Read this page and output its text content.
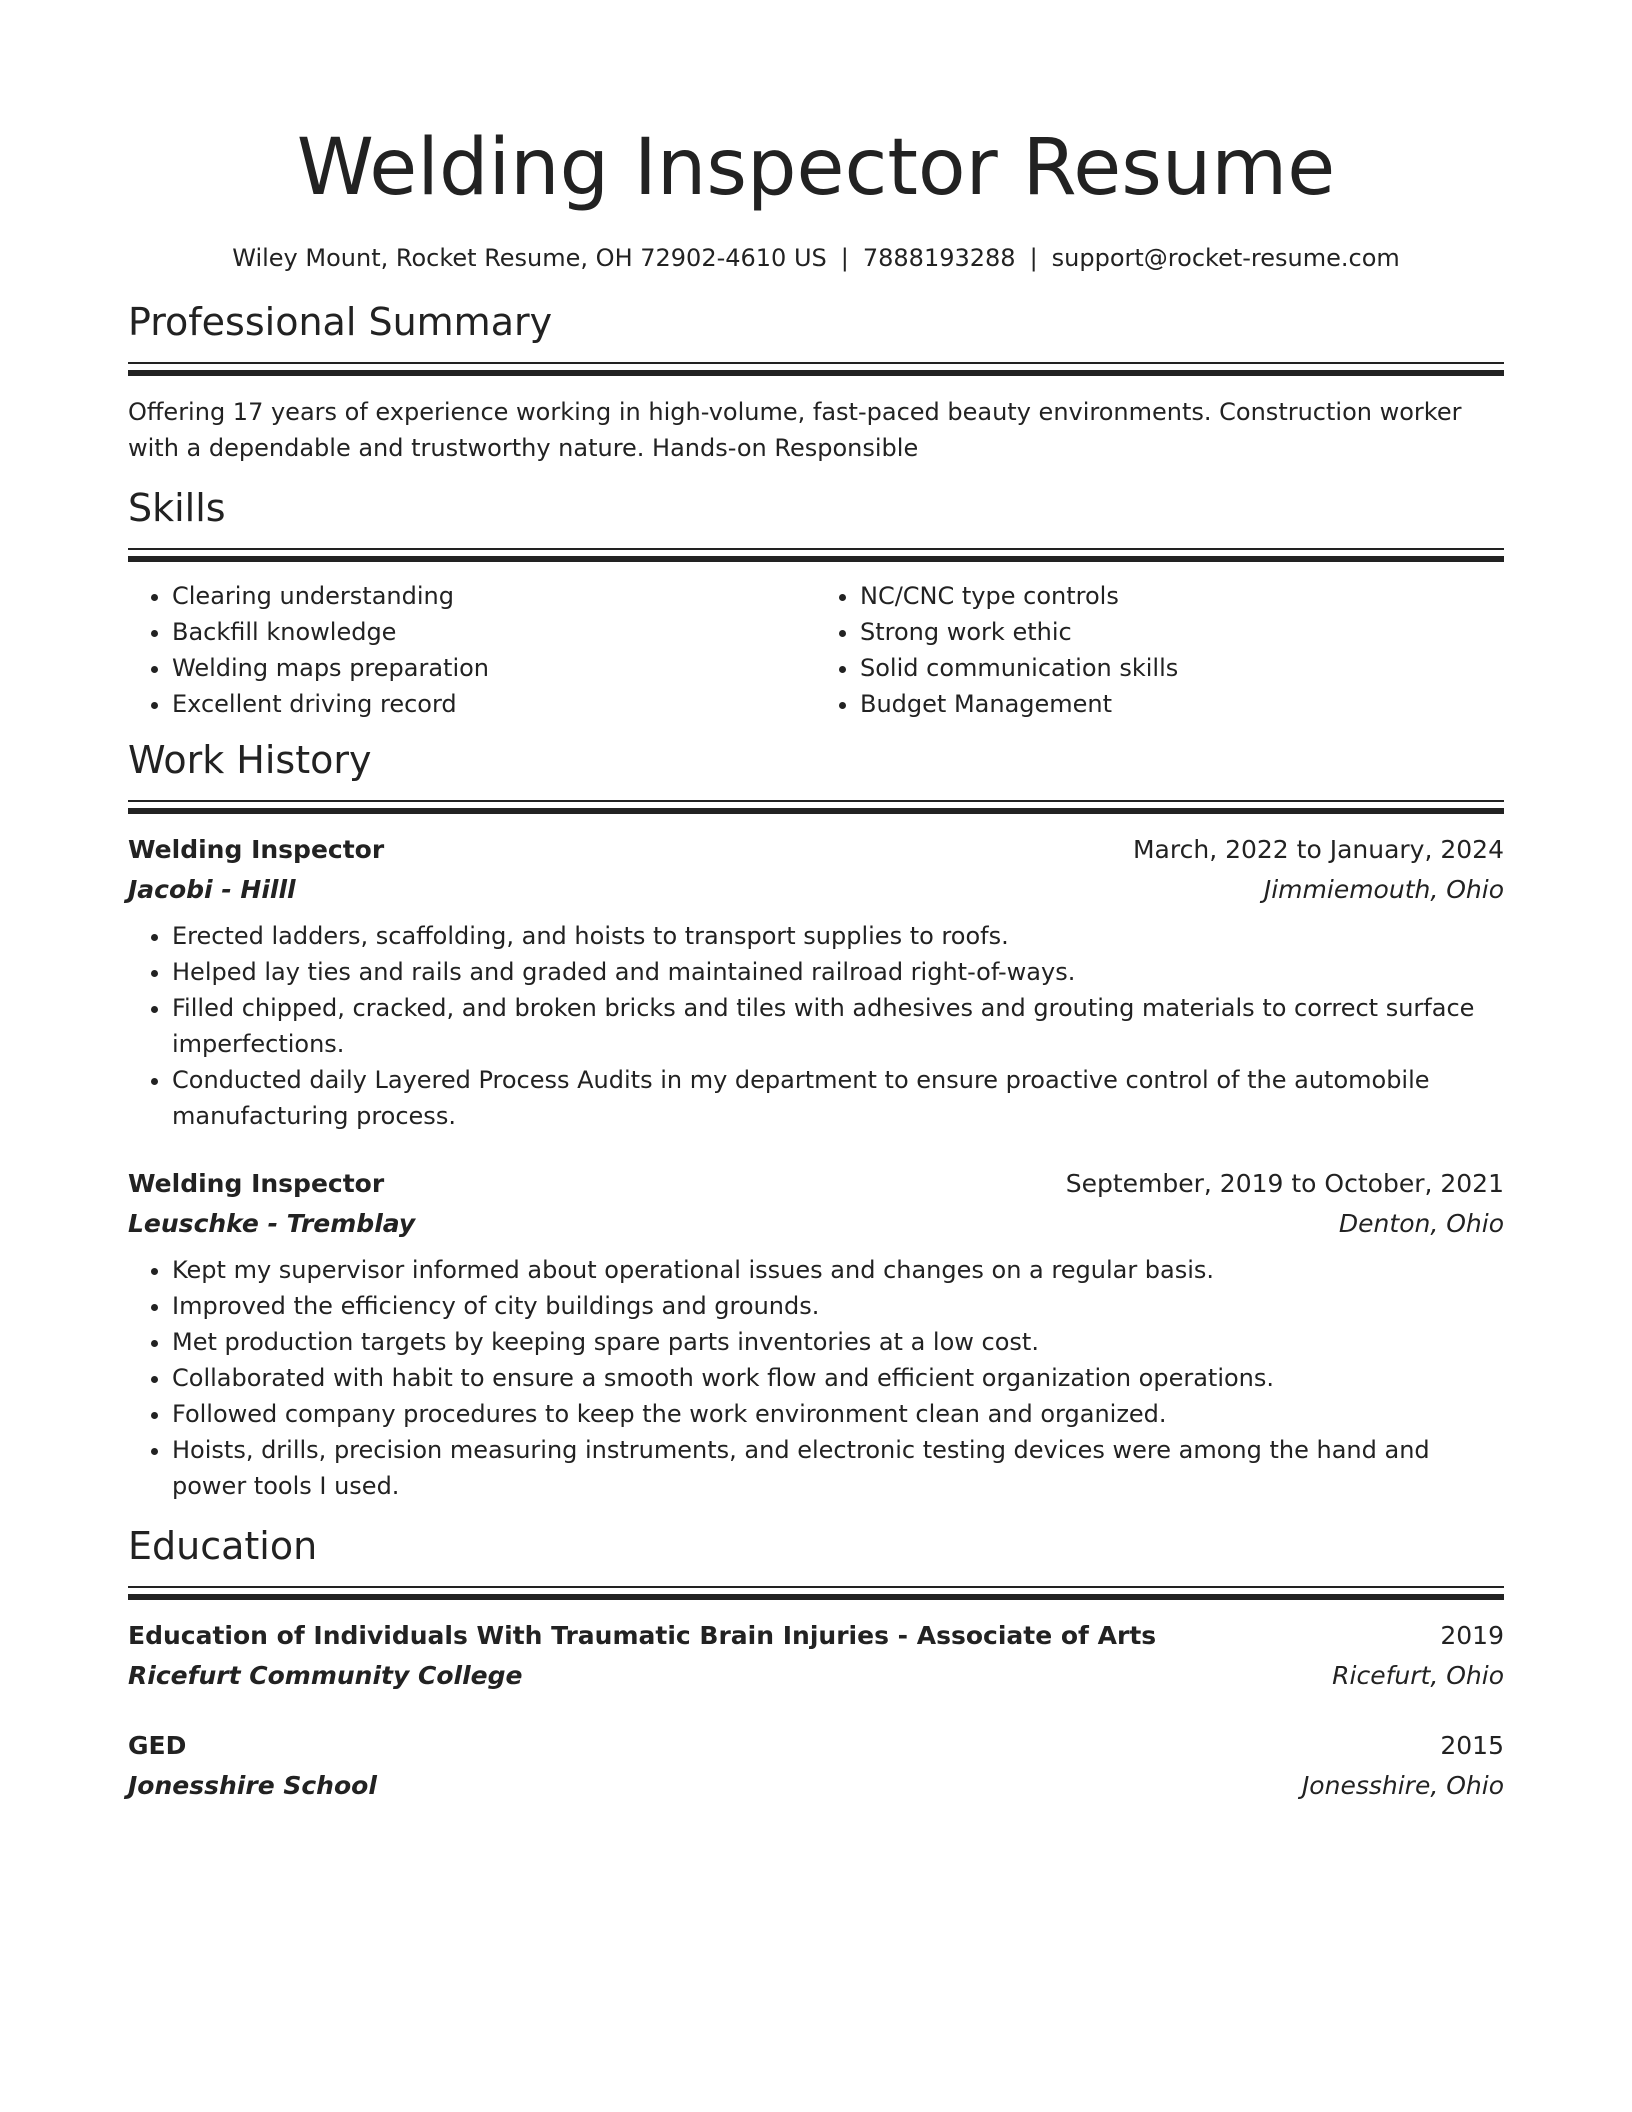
Welding Inspector Resume
Wiley Mount, Rocket Resume, OH 72902-4610 US | 7888193288 | support@rocket-resume.com
Professional Summary
Offering 17 years of experience working in high-volume, fast-paced beauty environments. Construction worker with a dependable and trustworthy nature. Hands-on Responsible
Skills
• Clearing understanding
• Backfill knowledge
• Welding maps preparation
• Excellent driving record
• NC/CNC type controls
• Strong work ethic
• Solid communication skills
• Budget Management
Work History
Welding Inspector	March, 2022 to January, 2024
Jacobi - Hilll	Jimmiemouth, Ohio
• Erected ladders, scaffolding, and hoists to transport supplies to roofs.
• Helped lay ties and rails and graded and maintained railroad right-of-ways.
• Filled chipped, cracked, and broken bricks and tiles with adhesives and grouting materials to correct surface imperfections.
• Conducted daily Layered Process Audits in my department to ensure proactive control of the automobile manufacturing process.
Welding Inspector	September, 2019 to October, 2021
Leuschke - Tremblay	Denton, Ohio
• Kept my supervisor informed about operational issues and changes on a regular basis.
• Improved the efficiency of city buildings and grounds.
• Met production targets by keeping spare parts inventories at a low cost.
• Collaborated with habit to ensure a smooth work flow and efficient organization operations.
• Followed company procedures to keep the work environment clean and organized.
• Hoists, drills, precision measuring instruments, and electronic testing devices were among the hand and power tools I used.
Education
Education of Individuals With Traumatic Brain Injuries - Associate of Arts	2019
Ricefurt Community College	Ricefurt, Ohio
GED	2015
Jonesshire School	Jonesshire, Ohio
